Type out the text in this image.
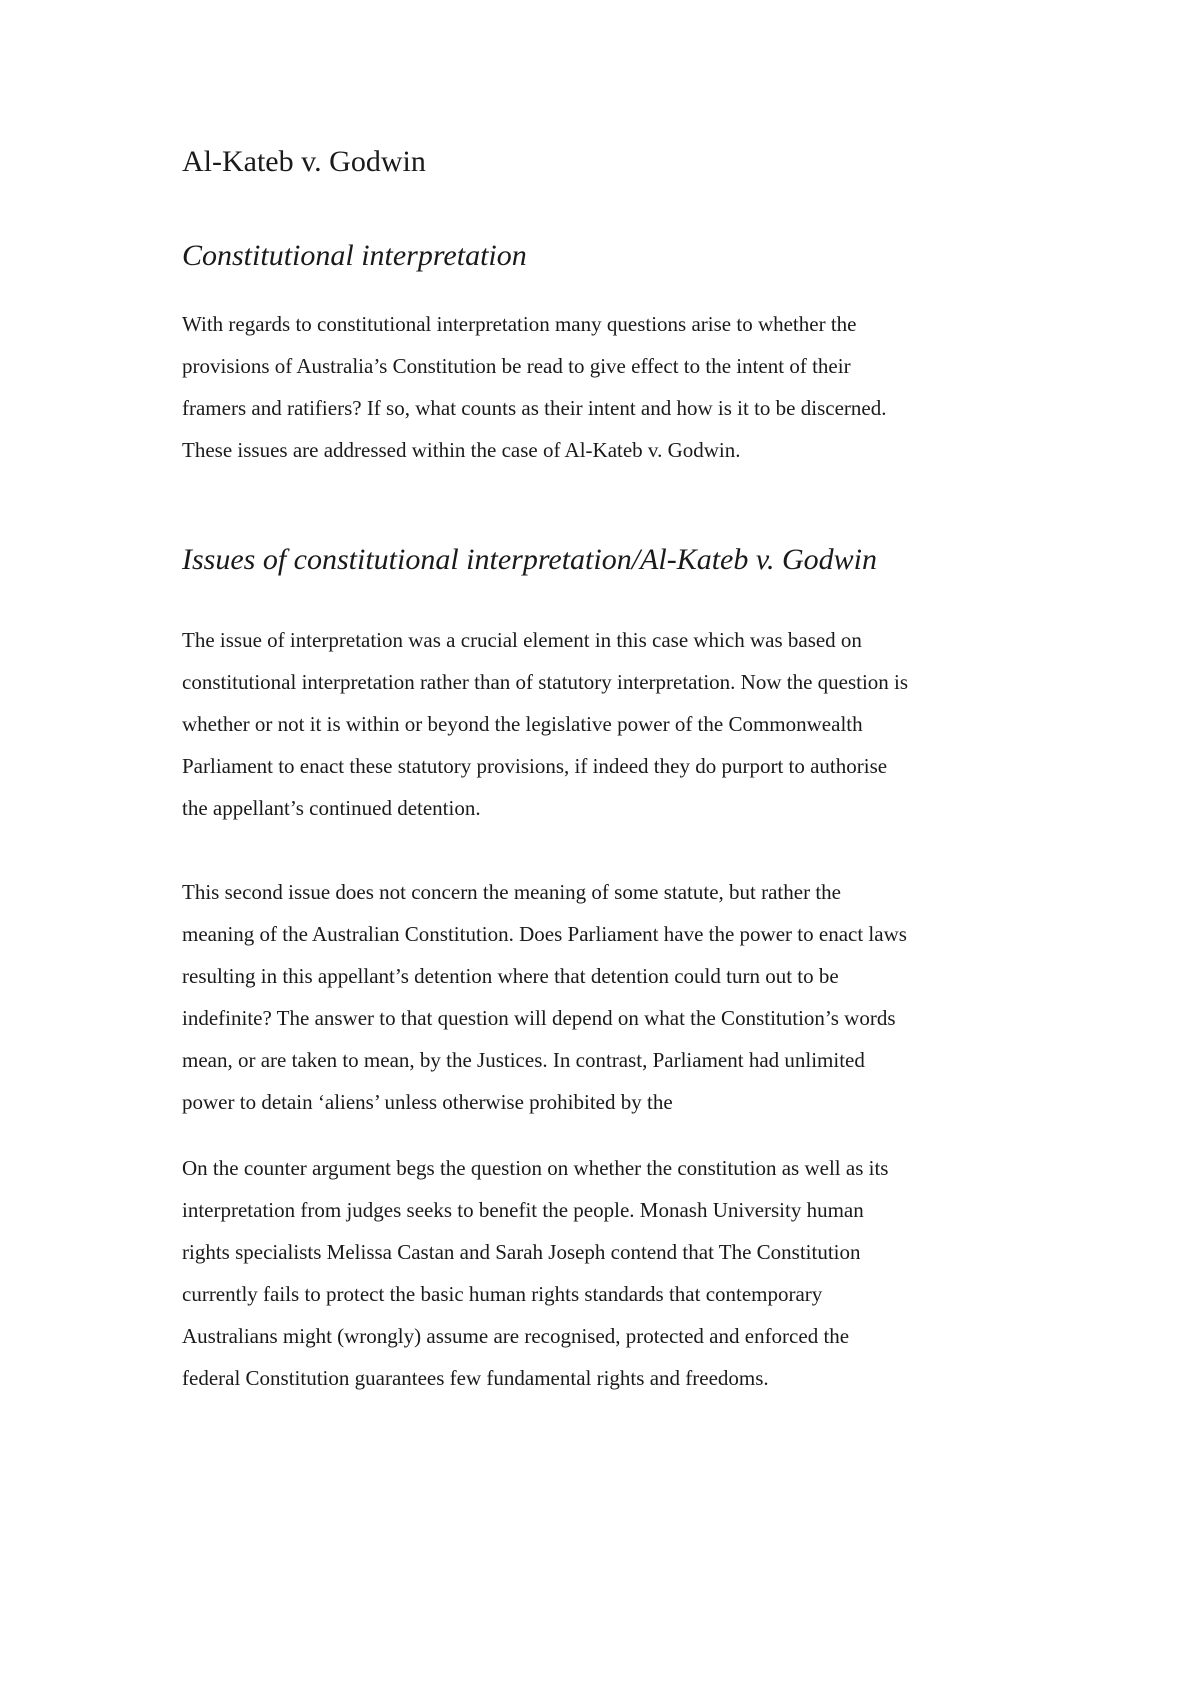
Al-Kateb v. Godwin
Constitutional interpretation

With regards to constitutional interpretation many questions arise to whether the
provisions of Australia’s Constitution be read to give effect to the intent of their
framers and ratifiers? If so, what counts as their intent and how is it to be discerned.
These issues are addressed within the case of Al-Kateb v. Godwin.

Issues of constitutional interpretation/Al-Kateb v. Godwin

The issue of interpretation was a crucial element in this case which was based on
constitutional interpretation rather than of statutory interpretation. Now the question is
whether or not it is within or beyond the legislative power of the Commonwealth
Parliament to enact these statutory provisions, if indeed they do purport to authorise
the appellant’s continued detention.

This second issue does not concern the meaning of some statute, but rather the
meaning of the Australian Constitution. Does Parliament have the power to enact laws
resulting in this appellant’s detention where that detention could turn out to be
indefinite? The answer to that question will depend on what the Constitution’s words
mean, or are taken to mean, by the Justices. In contrast, Parliament had unlimited
power to detain ‘aliens’ unless otherwise prohibited by the

On the counter argument begs the question on whether the constitution as well as its
interpretation from judges seeks to benefit the people. Monash University human
rights specialists Melissa Castan and Sarah Joseph contend that The Constitution
currently fails to protect the basic human rights standards that contemporary
Australians might (wrongly) assume are recognised, protected and enforced the
federal Constitution guarantees few fundamental rights and freedoms.
